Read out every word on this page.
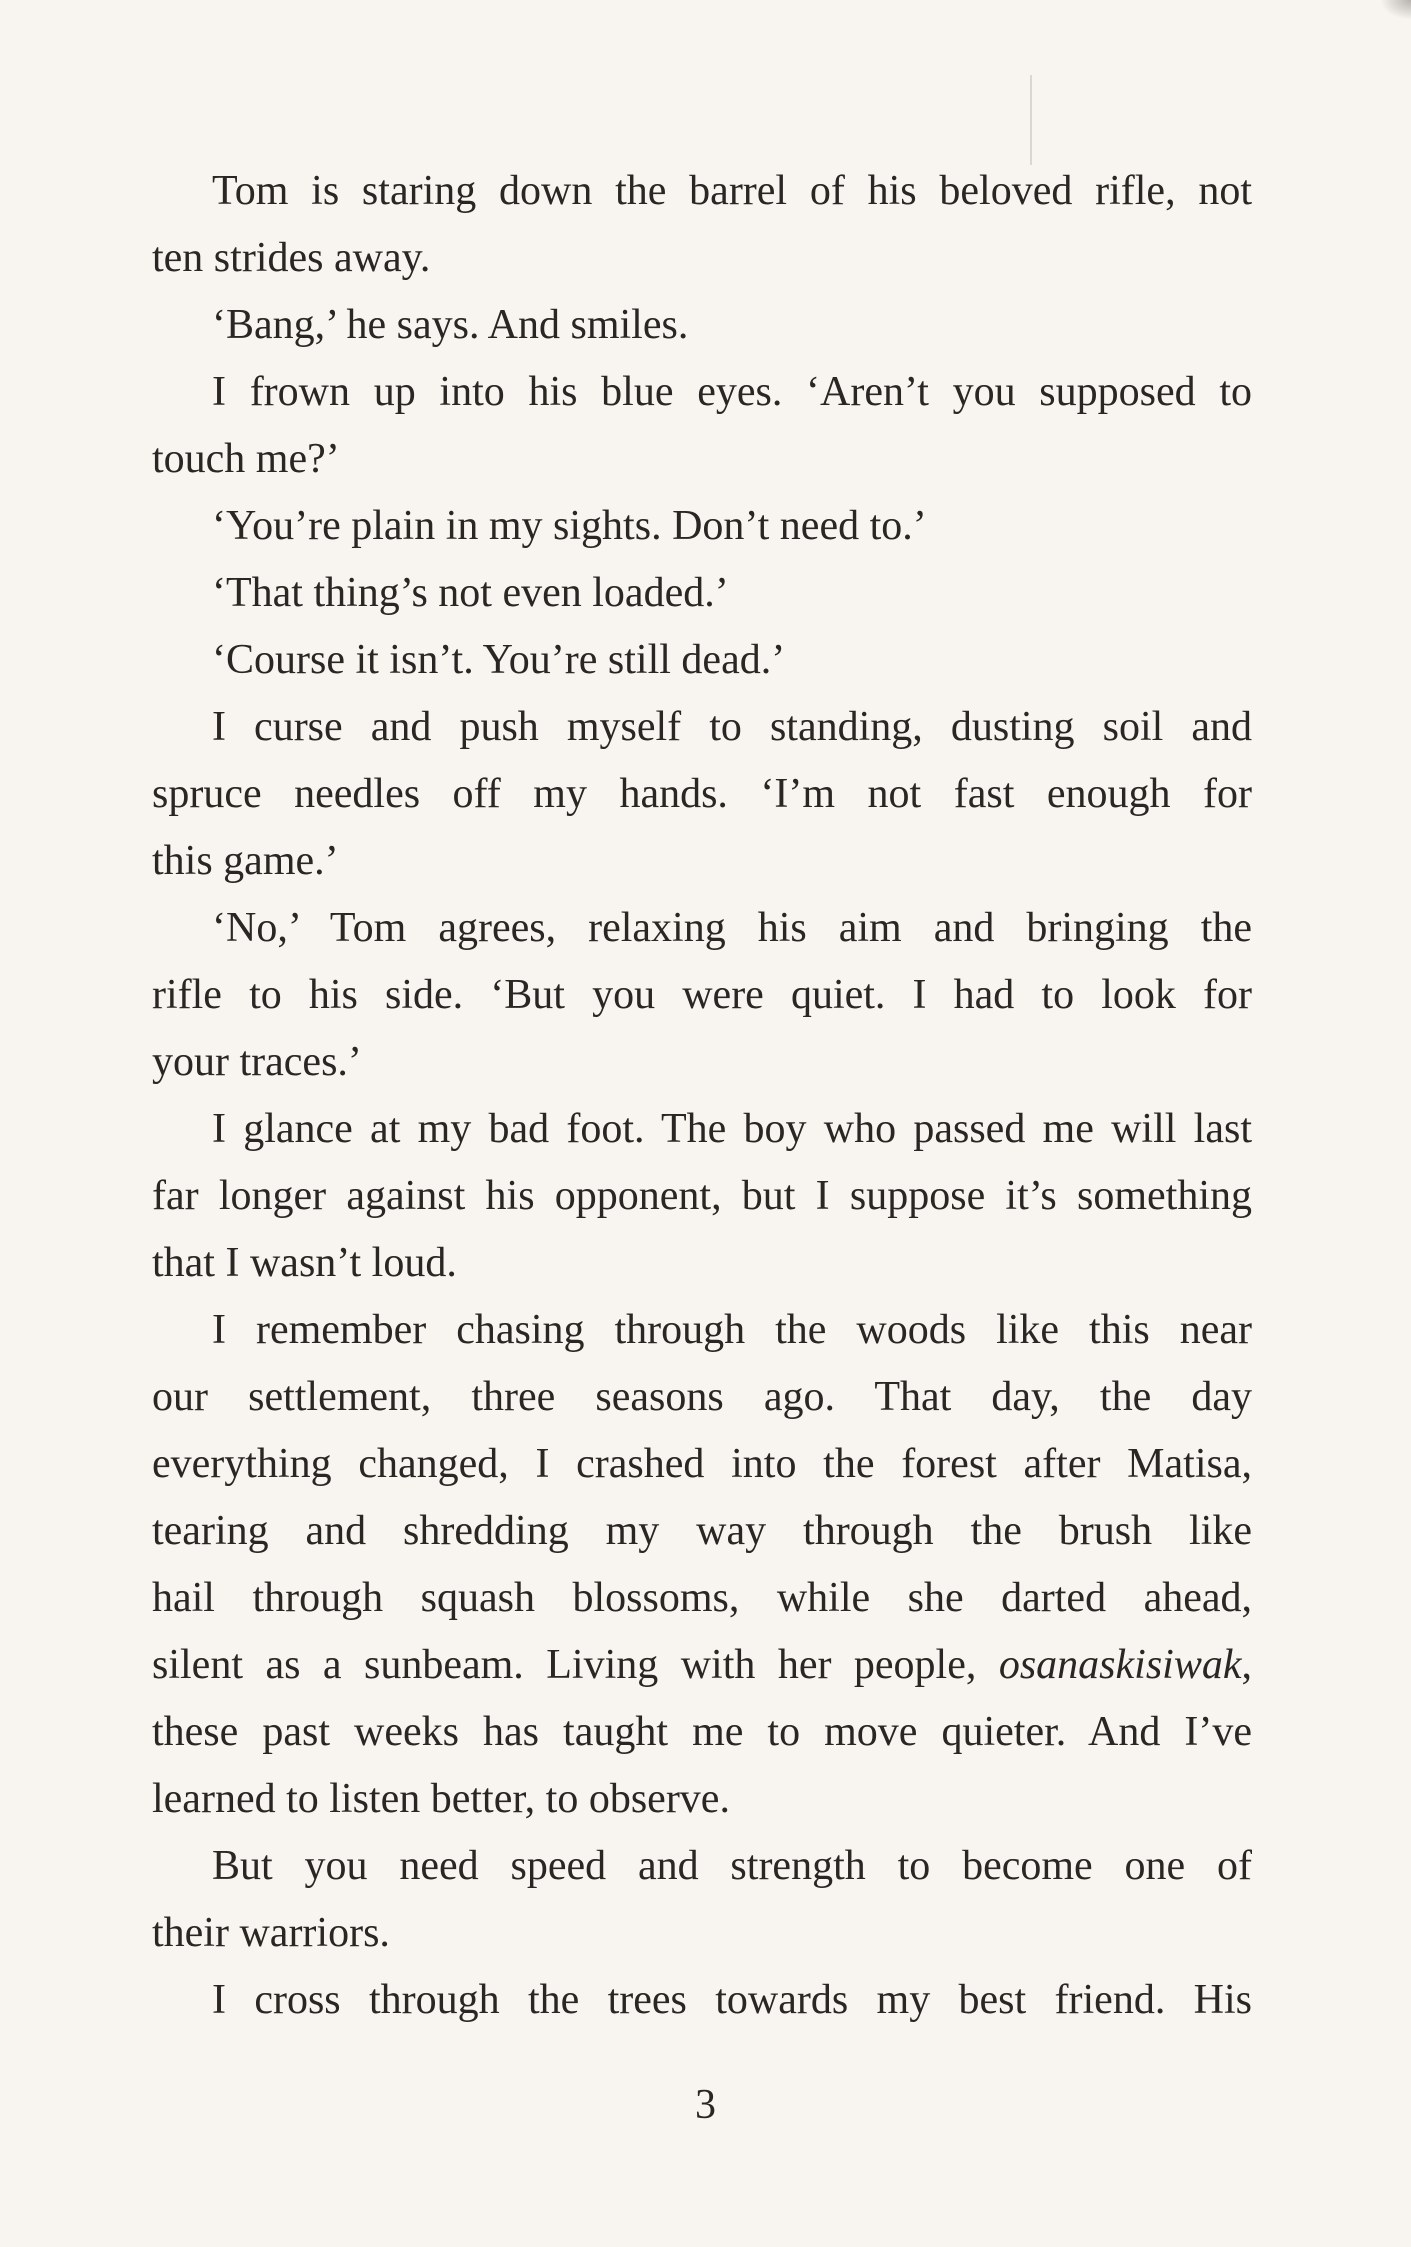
Tom is staring down the barrel of his beloved rifle, not
ten strides away.
‘Bang,’ he says. And smiles.
I frown up into his blue eyes. ‘Aren’t you supposed to
touch me?’
‘You’re plain in my sights. Don’t need to.’
‘That thing’s not even loaded.’
‘Course it isn’t. You’re still dead.’
I curse and push myself to standing, dusting soil and
spruce needles off my hands. ‘I’m not fast enough for
this game.’
‘No,’ Tom agrees, relaxing his aim and bringing the
rifle to his side. ‘But you were quiet. I had to look for
your traces.’
I glance at my bad foot. The boy who passed me will last
far longer against his opponent, but I suppose it’s something
that I wasn’t loud.
I remember chasing through the woods like this near
our settlement, three seasons ago. That day, the day
everything changed, I crashed into the forest after Matisa,
tearing and shredding my way through the brush like
hail through squash blossoms, while she darted ahead,
silent as a sunbeam. Living with her people, osanaskisiwak,
these past weeks has taught me to move quieter. And I’ve
learned to listen better, to observe.
But you need speed and strength to become one of
their warriors.
I cross through the trees towards my best friend. His
3
